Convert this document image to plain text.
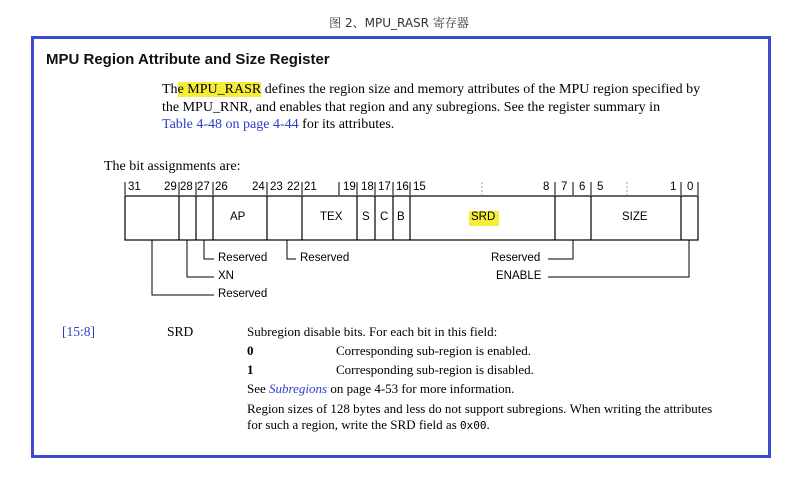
图 2、MPU_RASR 寄存器
MPU Region Attribute and Size Register
The MPU_RASR defines the region size and memory attributes of the MPU region specified by
the MPU_RNR, and enables that region and any subregions. See the register summary in
Table 4-48 on page 4-44 for its attributes.
The bit assignments are:
31 29 28 27 26 24 23 22 21 19 18 17 16 15	8 7 6 5	1 0
AP	TEX S C B	SRD	SIZE
Reserved	Reserved
XN
Reserved
Reserved
ENABLE
[15:8]	SRD	Subregion disable bits. For each bit in this field:
0	Corresponding sub-region is enabled.
1	Corresponding sub-region is disabled.
See Subregions on page 4-53 for more information.
Region sizes of 128 bytes and less do not support subregions. When writing the attributes
for such a region, write the SRD field as 0x00.
